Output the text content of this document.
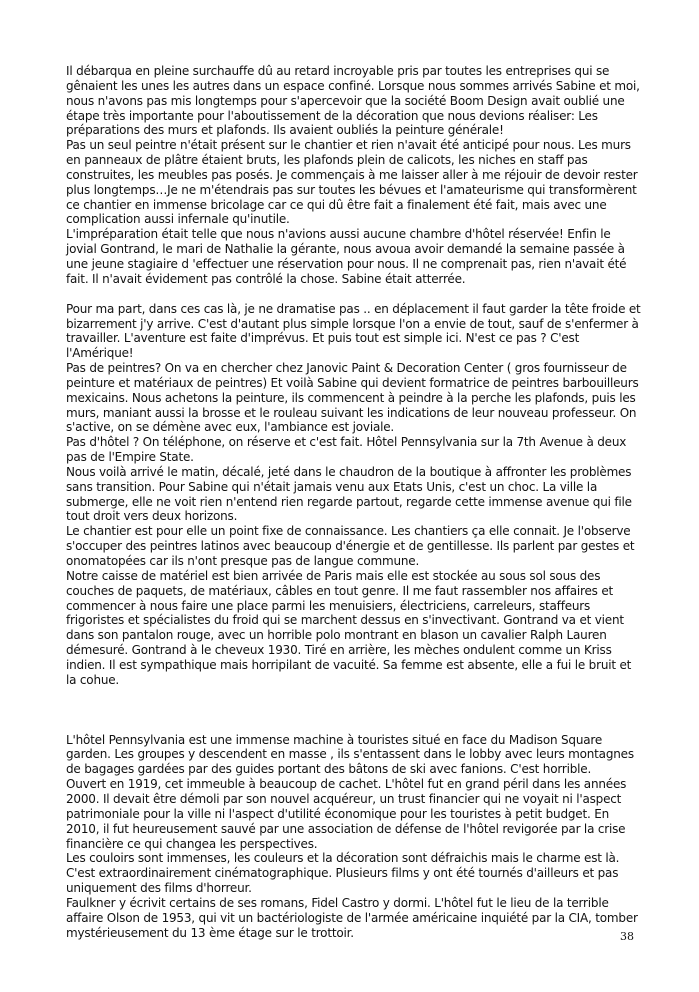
Il débarqua en pleine surchauffe dû au retard incroyable pris par toutes les entreprises qui se gênaient les unes les autres dans un espace confiné. Lorsque nous sommes arrivés Sabine et moi, nous n'avons pas mis longtemps pour s'apercevoir que la société Boom Design avait oublié une étape très importante pour l'aboutissement de la décoration que nous devions réaliser: Les préparations des murs et plafonds. Ils avaient oubliés la peinture générale!

Pas un seul peintre n'était présent sur le chantier et rien n'avait été anticipé pour nous. Les murs en panneaux de plâtre étaient bruts, les plafonds plein de calicots, les niches en staff pas construites, les meubles pas posés. Je commençais à me laisser aller à me réjouir de devoir rester plus longtemps…Je ne m'étendrais pas sur toutes les bévues et l'amateurisme qui transformèrent ce chantier en immense bricolage car ce qui dû être fait a finalement été fait, mais avec une complication aussi infernale qu'inutile.

L'impréparation était telle que nous n'avions aussi aucune chambre d'hôtel réservée! Enfin le jovial Gontrand, le mari de Nathalie la gérante, nous avoua avoir demandé la semaine passée à une jeune stagiaire d 'effectuer une réservation pour nous. Il ne comprenait pas, rien n'avait été fait. Il n'avait évidement pas contrôlé la chose. Sabine était atterrée.

Pour ma part, dans ces cas là, je ne dramatise pas .. en déplacement il faut garder la tête froide et bizarrement j'y arrive. C'est d'autant plus simple lorsque l'on a envie de tout, sauf de s'enfermer à travailler. L'aventure est faite d'imprévus. Et puis tout est simple ici. N'est ce pas ? C'est l'Amérique!

Pas de peintres? On va en chercher chez Janovic Paint & Decoration Center ( gros fournisseur de peinture et matériaux de peintres) Et voilà Sabine qui devient formatrice de peintres barbouilleurs mexicains. Nous achetons la peinture, ils commencent à peindre à la perche les plafonds, puis les murs, maniant aussi la brosse et le rouleau suivant les indications de leur nouveau professeur. On s'active, on se démène avec eux, l'ambiance est joviale.

Pas d'hôtel ? On téléphone, on réserve et c'est fait. Hôtel Pennsylvania sur la 7th Avenue à deux pas de l'Empire State.

Nous voilà arrivé le matin, décalé, jeté dans le chaudron de la boutique à affronter les problèmes sans transition. Pour Sabine qui n'était jamais venu aux Etats Unis, c'est un choc. La ville la submerge, elle ne voit rien n'entend rien regarde partout, regarde cette immense avenue qui file tout droit vers deux horizons.

Le chantier est pour elle un point fixe de connaissance. Les chantiers ça elle connait. Je l'observe s'occuper des peintres latinos avec beaucoup d'énergie et de gentillesse. Ils parlent par gestes et onomatopées car ils n'ont presque pas de langue commune.

Notre caisse de matériel est bien arrivée de Paris mais elle est stockée au sous sol sous des couches de paquets, de matériaux, câbles en tout genre. Il me faut rassembler nos affaires et commencer à nous faire une place parmi les menuisiers, électriciens, carreleurs, staffeurs frigoristes et spécialistes du froid qui se marchent dessus en s'invectivant. Gontrand va et vient dans son pantalon rouge, avec un horrible polo montrant en blason un cavalier Ralph Lauren démesuré. Gontrand à le cheveux 1930. Tiré en arrière, les mèches ondulent comme un Kriss indien. Il est sympathique mais horripilant de vacuité. Sa femme est absente, elle a fui le bruit et la cohue.

L'hôtel Pennsylvania est une immense machine à touristes situé en face du Madison Square garden. Les groupes y descendent en masse , ils s'entassent dans le lobby avec leurs montagnes de bagages gardées par des guides portant des bâtons de ski avec fanions. C'est horrible.

Ouvert en 1919, cet immeuble à beaucoup de cachet. L'hôtel fut en grand péril dans les années 2000. Il devait être démoli par son nouvel acquéreur, un trust financier qui ne voyait ni l'aspect patrimoniale pour la ville ni l'aspect d'utilité économique pour les touristes à petit budget. En 2010, il fut heureusement sauvé par une association de défense de l'hôtel revigorée par la crise financière ce qui changea les perspectives.

Les couloirs sont immenses, les couleurs et la décoration sont défraichis mais le charme est là. C'est extraordinairement cinématographique. Plusieurs films y ont été tournés d'ailleurs et pas uniquement des films d'horreur.

Faulkner y écrivit certains de ses romans, Fidel Castro y dormi. L'hôtel fut le lieu de la terrible affaire Olson de 1953, qui vit un bactériologiste de l'armée américaine inquiété par la CIA, tomber mystérieusement du 13 ème étage sur le trottoir.	38
